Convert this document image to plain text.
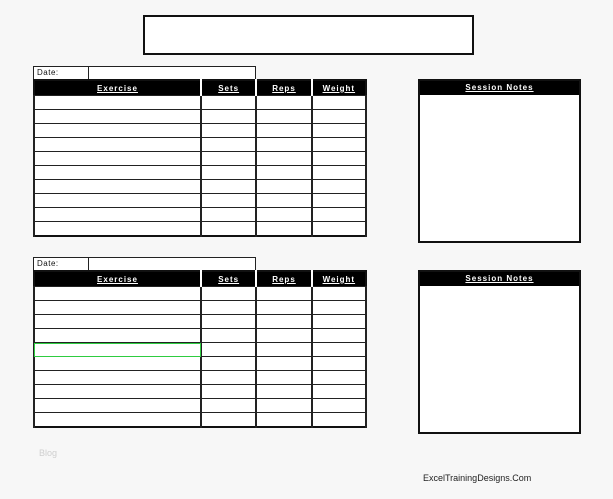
Date:
Exercise	Sets	Reps	Weight

				Session Notes
Date:
Exercise	Sets	Reps	Weight

				Session Notes
Blog
ExcelTrainingDesigns.Com
